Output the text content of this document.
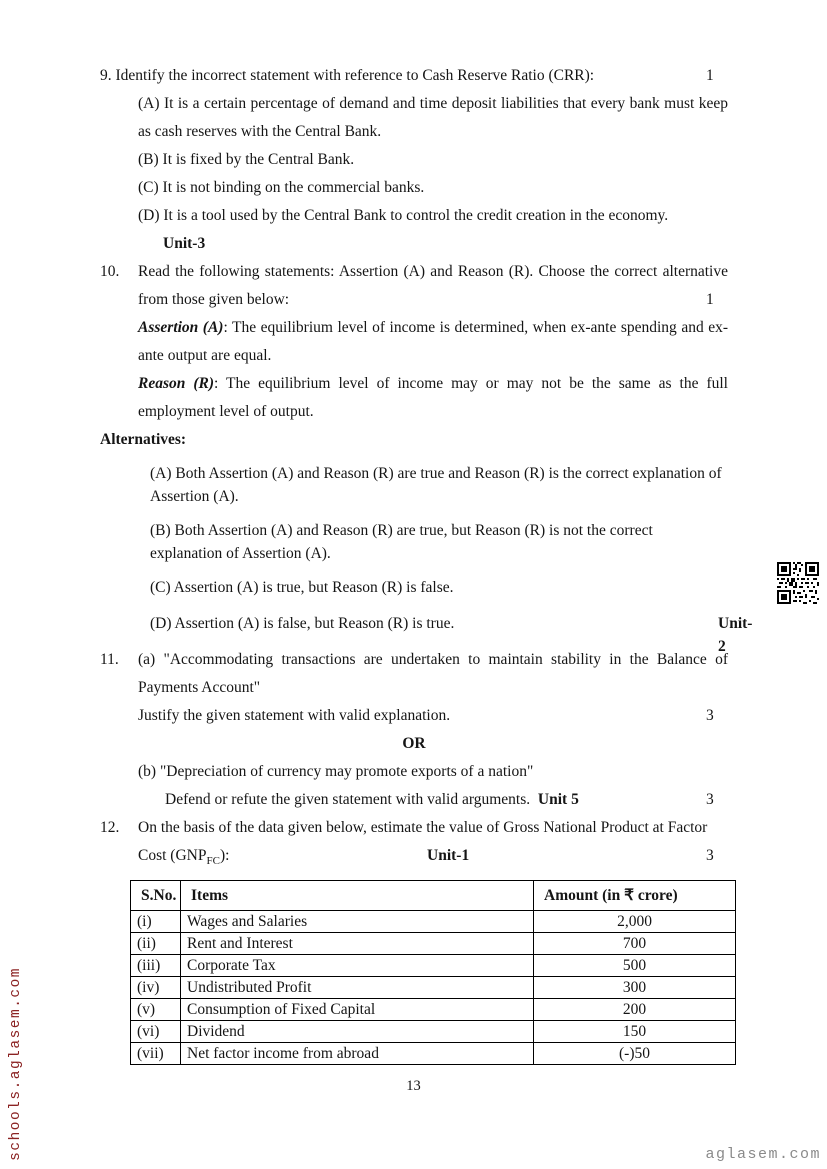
9. Identify the incorrect statement with reference to Cash Reserve Ratio (CRR):	1

(A) It is a certain percentage of demand and time deposit liabilities that every bank must keep as cash reserves with the Central Bank.

(B) It is fixed by the Central Bank.
(C) It is not binding on the commercial banks.
(D) It is a tool used by the Central Bank to control the credit creation in the economy.
Unit-3
10. Read the following statements: Assertion (A) and Reason (R). Choose the correct alternative from those given below:	1

Assertion (A): The equilibrium level of income is determined, when ex-ante spending and ex-ante output are equal.

Reason (R): The equilibrium level of income may or may not be the same as the full employment level of output.

Alternatives:
(A) Both Assertion (A) and Reason (R) are true and Reason (R) is the correct explanation of Assertion (A).
(B) Both Assertion (A) and Reason (R) are true, but Reason (R) is not the correct explanation of Assertion (A).
(C) Assertion (A) is true, but Reason (R) is false.
(D) Assertion (A) is false, but Reason (R) is true.	Unit-2
11. (a) "Accommodating transactions are undertaken to maintain stability in the Balance of Payments Account"

Justify the given statement with valid explanation.	3
OR
(b) "Depreciation of currency may promote exports of a nation"
Defend or refute the given statement with valid arguments. Unit 5	3
12. On the basis of the data given below, estimate the value of Gross National Product at Factor
Cost $(GNP_{FC})$:	Unit-1	3
S.No.	Items	Amount (in ₹ crore)
(i)	Wages and Salaries	2,000
(ii)	Rent and Interest	700
(iii)	Corporate Tax	500
(iv)	Undistributed Profit	300
(v)	Consumption of Fixed Capital	200
(vi)	Dividend	150
(vii)	Net factor income from abroad	(-)50
13
schools.aglasem.com	aglasem.com
